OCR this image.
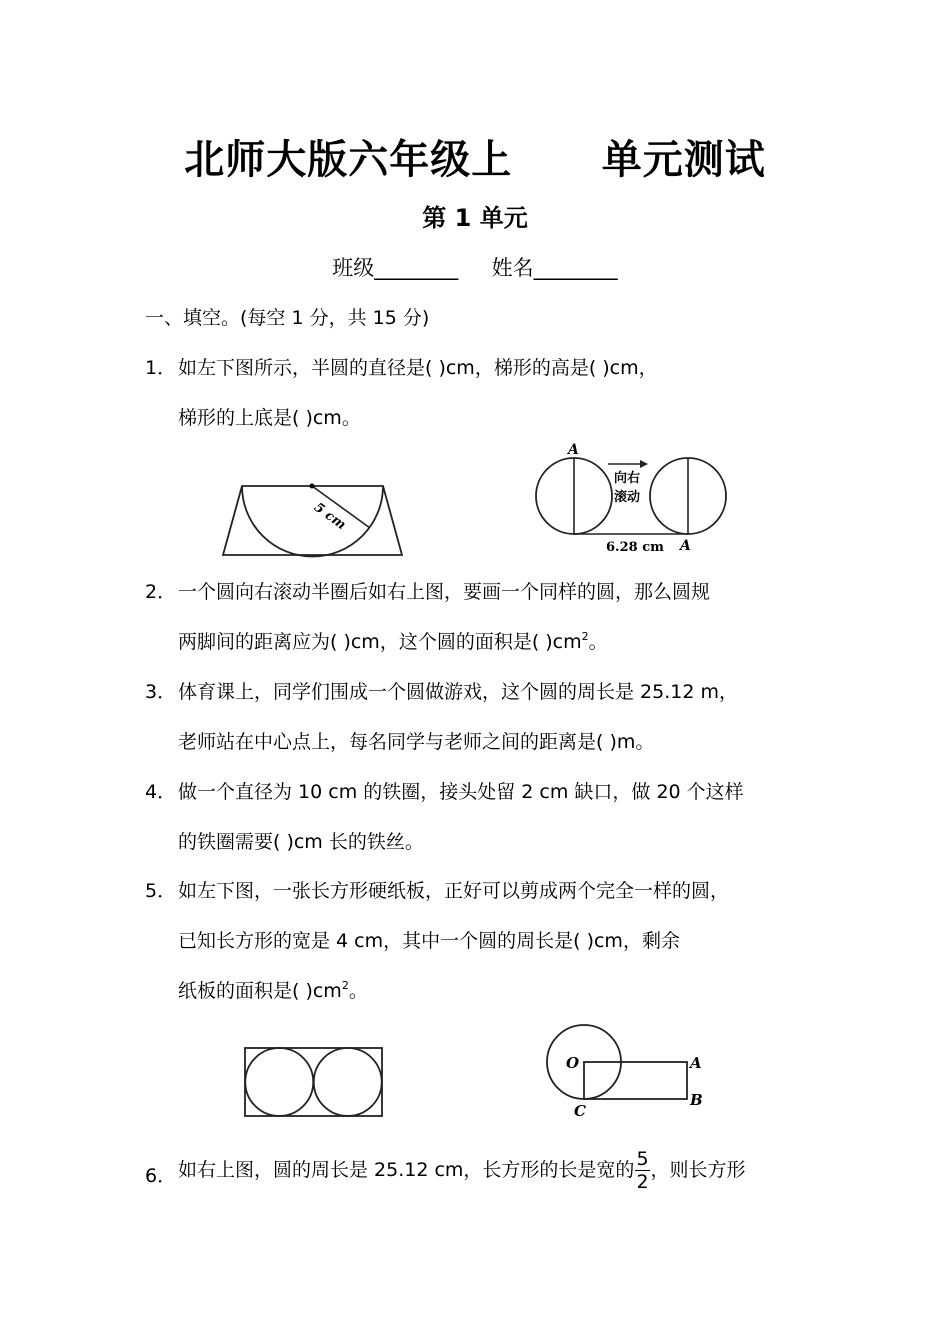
北师大版六年级上      单元测试
第 1 单元
班级________     姓名________
一、填空。(每空 1 分，共 15 分)
1． 如左下图所示，半圆的直径是( )cm，梯形的高是( )cm，
梯形的上底是( )cm。
5 cm
A
向右
滚动
6.28 cm A
2． 一个圆向右滚动半圈后如右上图，要画一个同样的圆，那么圆规
两脚间的距离应为( )cm，这个圆的面积是( )$cm^2$。
3． 体育课上，同学们围成一个圆做游戏，这个圆的周长是 25.12 m，
老师站在中心点上，每名同学与老师之间的距离是( )m。
4． 做一个直径为 10 cm 的铁圈，接头处留 2 cm 缺口，做 20 个这样
的铁圈需要( )cm 长的铁丝。
5． 如左下图，一张长方形硬纸板，正好可以剪成两个完全一样的圆，
已知长方形的宽是 4 cm，其中一个圆的周长是( )cm，剩余
纸板的面积是( )$cm^2$。
O	A
B
C
6． 如右上图，圆的周长是 25.12 cm，长方形的长是宽的 $\frac{5}{2}$ ，则长方形
